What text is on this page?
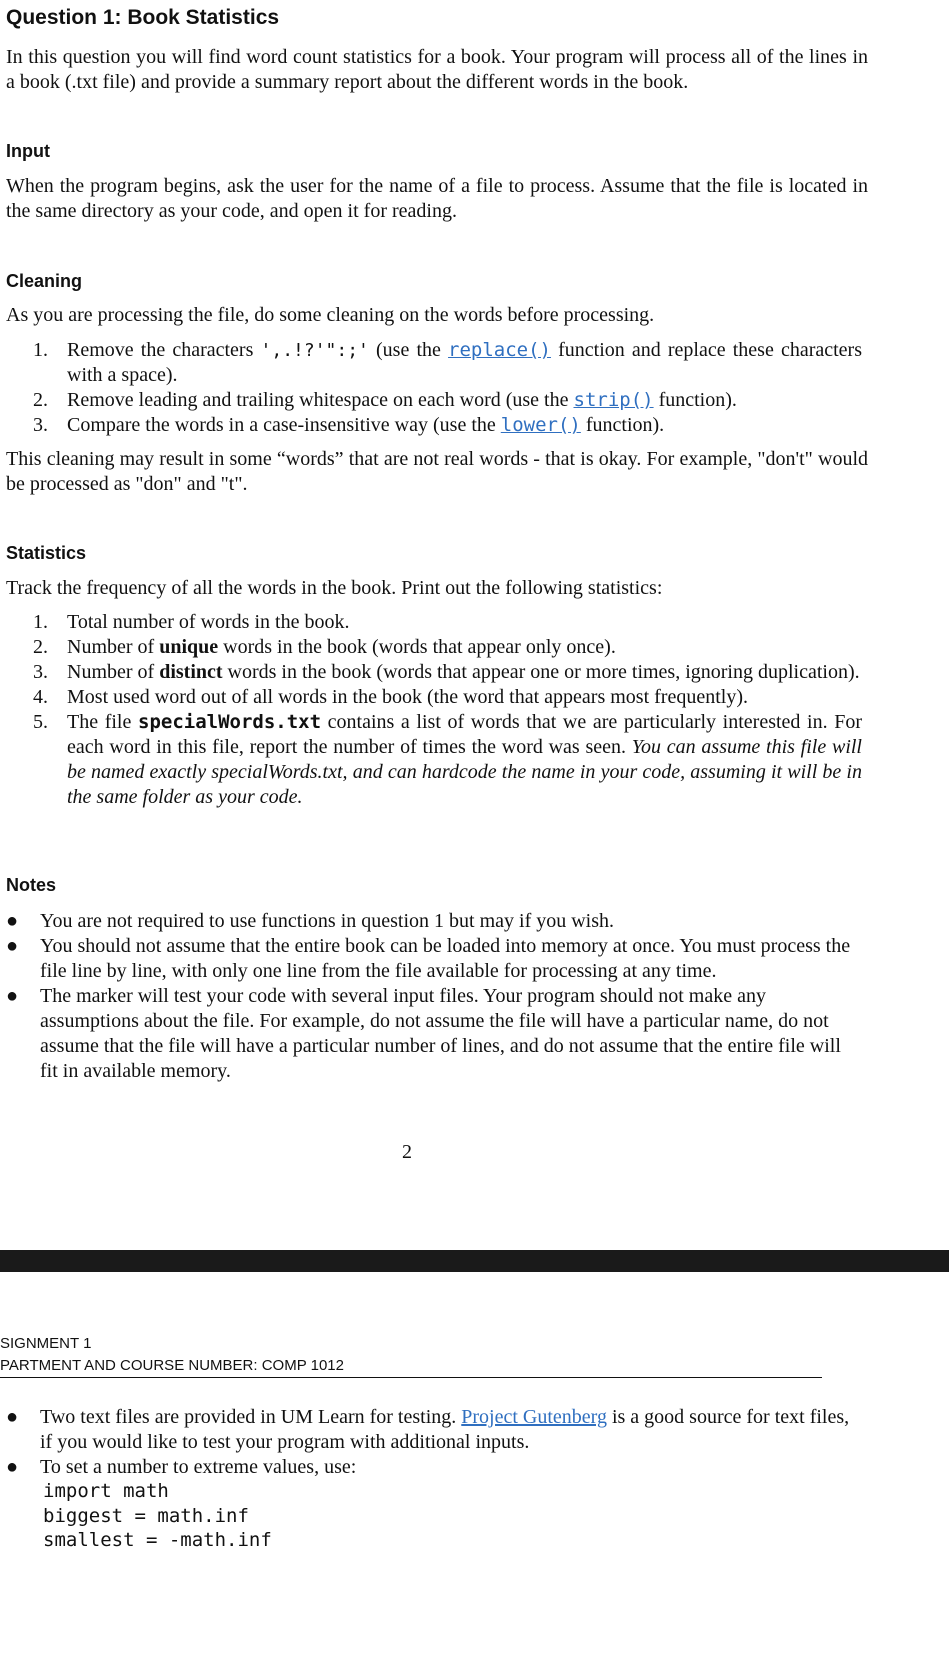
Question 1: Book Statistics

In this question you will find word count statistics for a book. Your program will process all of the lines in a book (.txt file) and provide a summary report about the different words in the book.

Input

When the program begins, ask the user for the name of a file to process. Assume that the file is located in the same directory as your code, and open it for reading.

Cleaning

As you are processing the file, do some cleaning on the words before processing.

1. Remove the characters ',.!?'":;' (use the replace() function and replace these characters with a space).
2. Remove leading and trailing whitespace on each word (use the strip() function).
3. Compare the words in a case-insensitive way (use the lower() function).

This cleaning may result in some “words” that are not real words - that is okay. For example, "don't" would be processed as "don" and "t".

Statistics

Track the frequency of all the words in the book. Print out the following statistics:

1. Total number of words in the book.
2. Number of unique words in the book (words that appear only once).
3. Number of distinct words in the book (words that appear one or more times, ignoring duplication).
4. Most used word out of all words in the book (the word that appears most frequently).
5. The file specialWords.txt contains a list of words that we are particularly interested in. For each word in this file, report the number of times the word was seen. You can assume this file will be named exactly specialWords.txt, and can hardcode the name in your code, assuming it will be in the same folder as your code.
Notes
● You are not required to use functions in question 1 but may if you wish.
● You should not assume that the entire book can be loaded into memory at once. You must process the file line by line, with only one line from the file available for processing at any time.
● The marker will test your code with several input files. Your program should not make any assumptions about the file. For example, do not assume the file will have a particular name, do not assume that the file will have a particular number of lines, and do not assume that the entire file will fit in available memory.
2
SIGNMENT 1
PARTMENT AND COURSE NUMBER: COMP 1012
● Two text files are provided in UM Learn for testing. Project Gutenberg is a good source for text files, if you would like to test your program with additional inputs.
● To set a number to extreme values, use:
import math
biggest = math.inf
smallest = -math.inf
